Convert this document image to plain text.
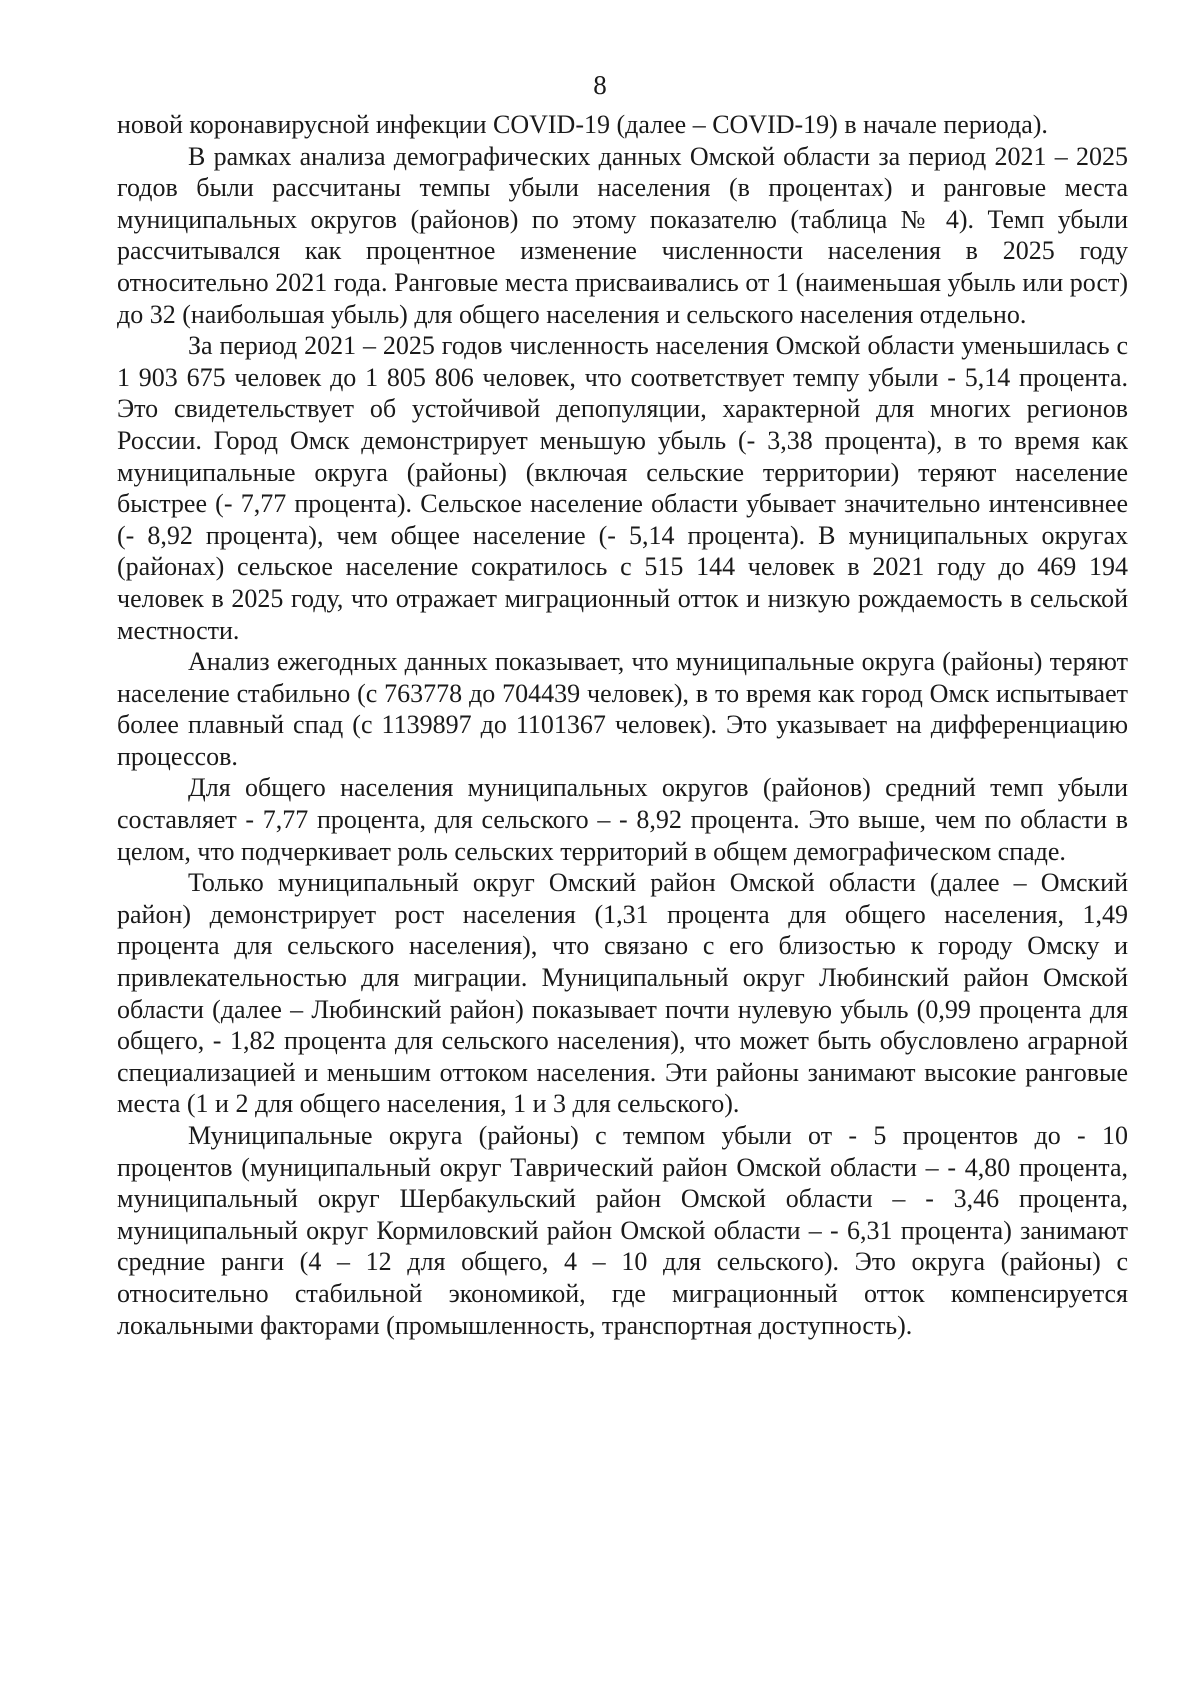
8

новой коронавирусной инфекции COVID-19 (далее – COVID-19) в начале периода).

В рамках анализа демографических данных Омской области за период 2021 – 2025 годов были рассчитаны темпы убыли населения (в процентах) и ранговые места муниципальных округов (районов) по этому показателю (таблица № 4). Темп убыли рассчитывался как процентное изменение численности населения в 2025 году относительно 2021 года. Ранговые места присваивались от 1 (наименьшая убыль или рост) до 32 (наибольшая убыль) для общего населения и сельского населения отдельно.

За период 2021 – 2025 годов численность населения Омской области уменьшилась с 1 903 675 человек до 1 805 806 человек, что соответствует темпу убыли - 5,14 процента. Это свидетельствует об устойчивой депопуляции, характерной для многих регионов России. Город Омск демонстрирует меньшую убыль (- 3,38 процента), в то время как муниципальные округа (районы) (включая сельские территории) теряют население быстрее (- 7,77 процента). Сельское население области убывает значительно интенсивнее (- 8,92 процента), чем общее население (- 5,14 процента). В муниципальных округах (районах) сельское население сократилось с 515 144 человек в 2021 году до 469 194 человек в 2025 году, что отражает миграционный отток и низкую рождаемость в сельской местности.

Анализ ежегодных данных показывает, что муниципальные округа (районы) теряют население стабильно (с 763778 до 704439 человек), в то время как город Омск испытывает более плавный спад (с 1139897 до 1101367 человек). Это указывает на дифференциацию процессов.

Для общего населения муниципальных округов (районов) средний темп убыли составляет - 7,77 процента, для сельского – - 8,92 процента. Это выше, чем по области в целом, что подчеркивает роль сельских территорий в общем демографическом спаде.

Только муниципальный округ Омский район Омской области (далее – Омский район) демонстрирует рост населения (1,31 процента для общего населения, 1,49 процента для сельского населения), что связано с его близостью к городу Омску и привлекательностью для миграции. Муниципальный округ Любинский район Омской области (далее – Любинский район) показывает почти нулевую убыль (0,99 процента для общего, - 1,82 процента для сельского населения), что может быть обусловлено аграрной специализацией и меньшим оттоком населения. Эти районы занимают высокие ранговые места (1 и 2 для общего населения, 1 и 3 для сельского).

Муниципальные округа (районы) с темпом убыли от - 5 процентов до - 10 процентов (муниципальный округ Таврический район Омской области – - 4,80 процента, муниципальный округ Шербакульский район Омской области – - 3,46 процента, муниципальный округ Кормиловский район Омской области – - 6,31 процента) занимают средние ранги (4 – 12 для общего, 4 – 10 для сельского). Это округа (районы) с относительно стабильной экономикой, где миграционный отток компенсируется локальными факторами (промышленность, транспортная доступность).
